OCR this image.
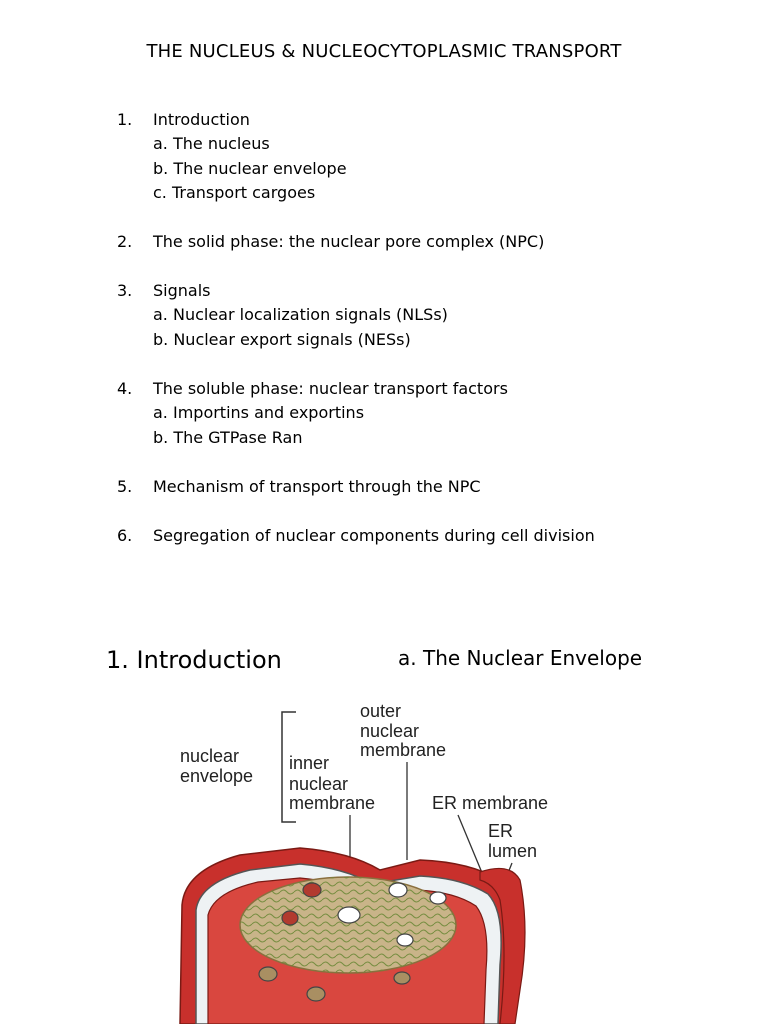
THE NUCLEUS & NUCLEOCYTOPLASMIC TRANSPORT
1. Introduction
a. The nucleus
b. The nuclear envelope
c. Transport cargoes
2. The solid phase: the nuclear pore complex (NPC)
3. Signals
a. Nuclear localization signals (NLSs)
b. Nuclear export signals (NESs)
4. The soluble phase: nuclear transport factors
a. Importins and exportins
b. The GTPase Ran
5. Mechanism of transport through the NPC
6. Segregation of nuclear components during cell division
1. Introduction	a. The Nuclear Envelope
nuclear
envelope
inner
nuclear
membrane
outer
nuclear
membrane
ER membrane
ER
lumen
